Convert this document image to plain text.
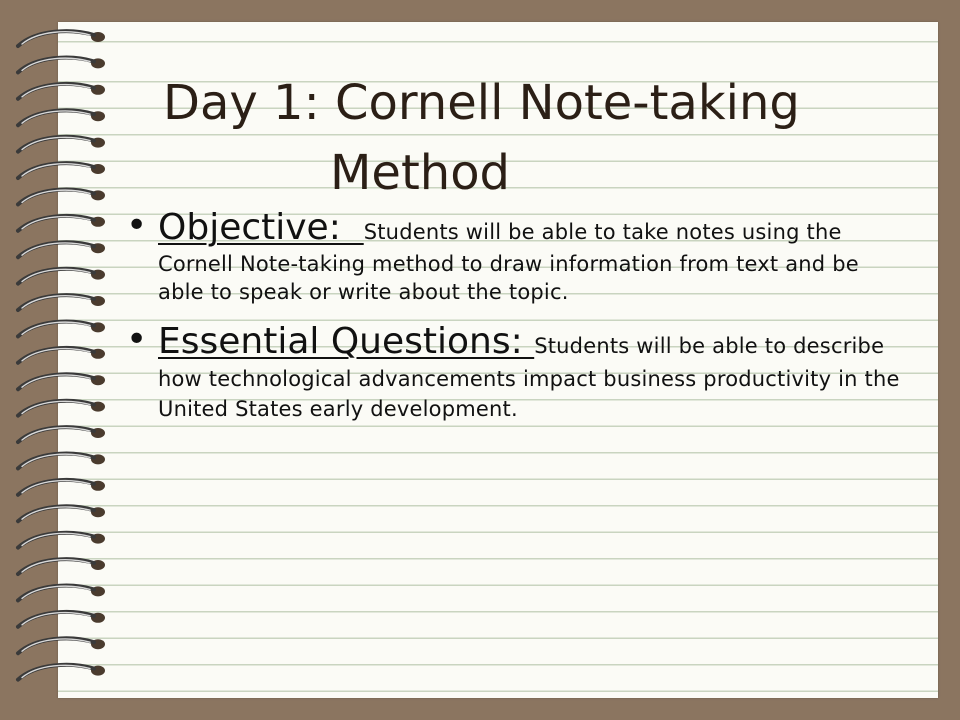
Day 1: Cornell Note-taking
Method
• Objective:  Students will be able to take notes using the Cornell Note-taking method to draw information from text and be able to speak or write about the topic.
• Essential Questions: Students will be able to describe how technological advancements impact business productivity in the United States early development.
